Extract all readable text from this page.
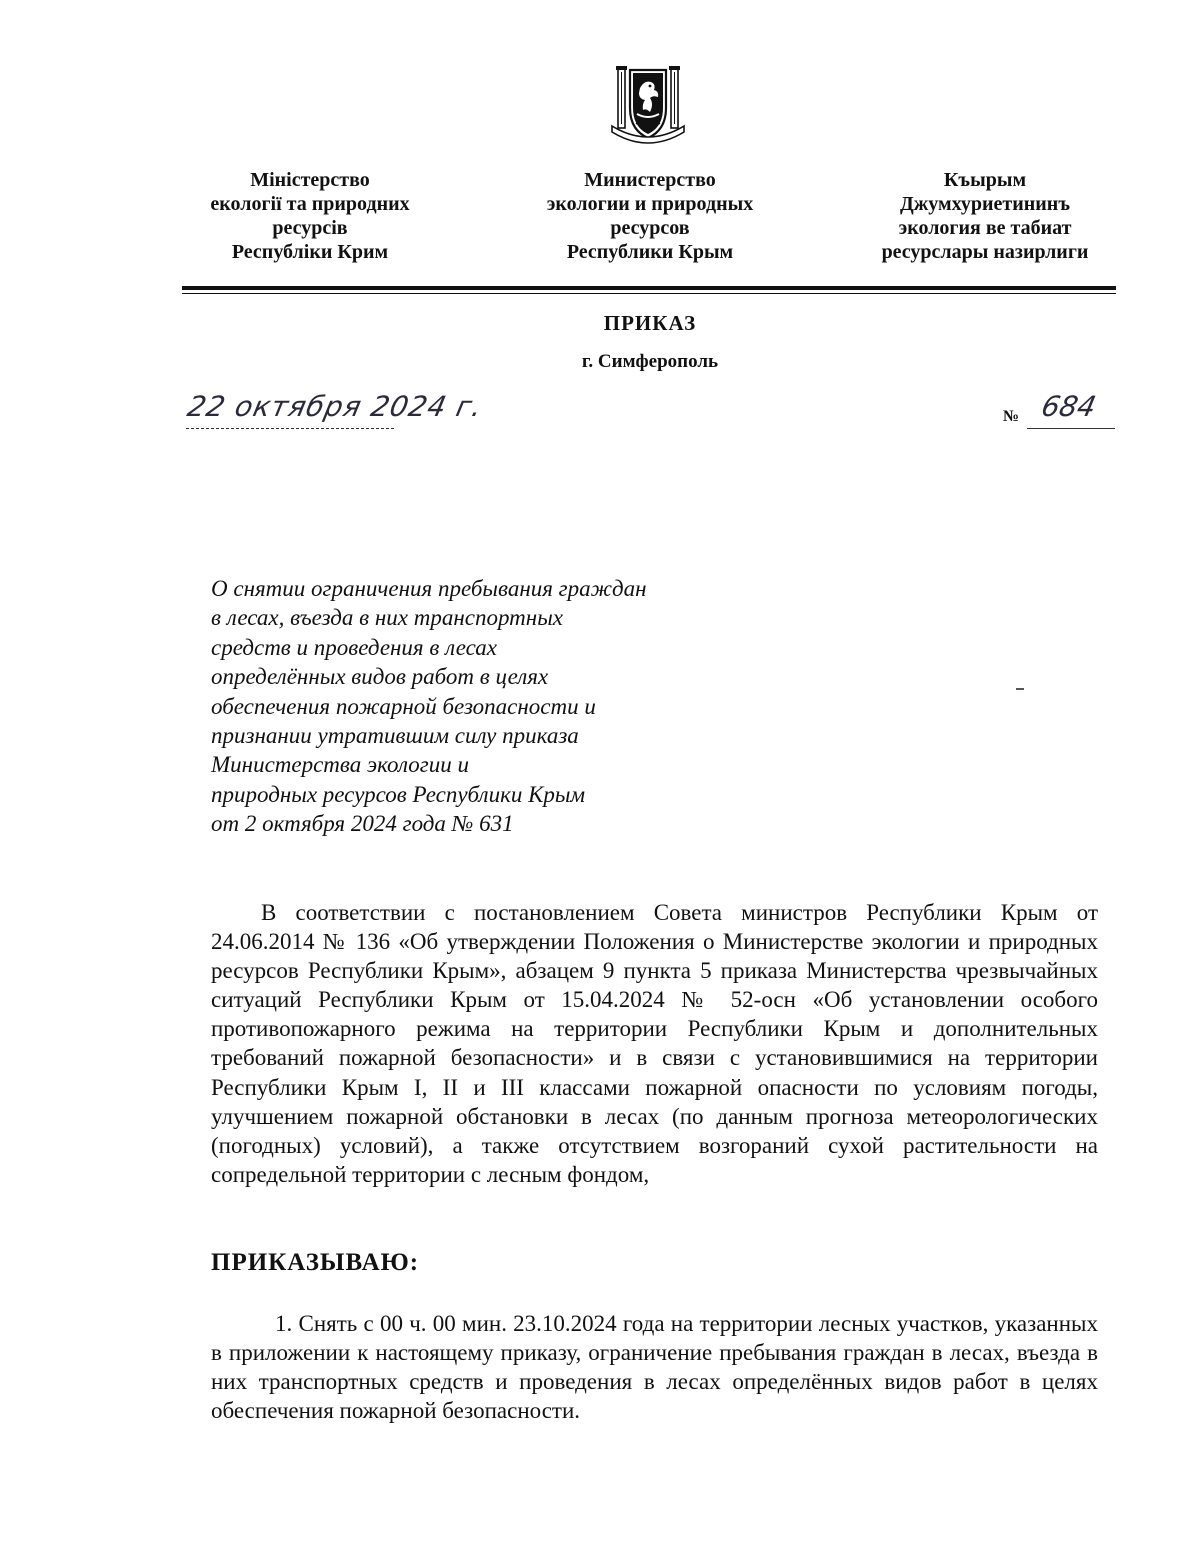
Міністерство
екології та природних
ресурсів
Республіки Крим
Министерство
экологии и природных
ресурсов
Республики Крым
Къырым
Джумхуриетининъ
экология ве табиат
ресурслары назирлиги
ПРИКАЗ
г. Симферополь
22 октября 2024 г.	№ 684
О снятии ограничения пребывания граждан
в лесах, въезда в них транспортных
средств и проведения в лесах
определённых видов работ в целях
обеспечения пожарной безопасности и
признании утратившим силу приказа
Министерства экологии и
природных ресурсов Республики Крым
от 2 октября 2024 года № 631
В соответствии с постановлением Совета министров Республики Крым от 24.06.2014 № 136 «Об утверждении Положения о Министерстве экологии и природных ресурсов Республики Крым», абзацем 9 пункта 5 приказа Министерства чрезвычайных ситуаций Республики Крым от 15.04.2024 № 52-осн «Об установлении особого противопожарного режима на территории Республики Крым и дополнительных требований пожарной безопасности» и в связи с установившимися на территории Республики Крым I, II и III классами пожарной опасности по условиям погоды, улучшением пожарной обстановки в лесах (по данным прогноза метеорологических (погодных) условий), а также отсутствием возгораний сухой растительности на сопредельной территории с лесным фондом,
ПРИКАЗЫВАЮ:
1. Снять с 00 ч. 00 мин. 23.10.2024 года на территории лесных участков, указанных в приложении к настоящему приказу, ограничение пребывания граждан в лесах, въезда в них транспортных средств и проведения в лесах определённых видов работ в целях обеспечения пожарной безопасности.
